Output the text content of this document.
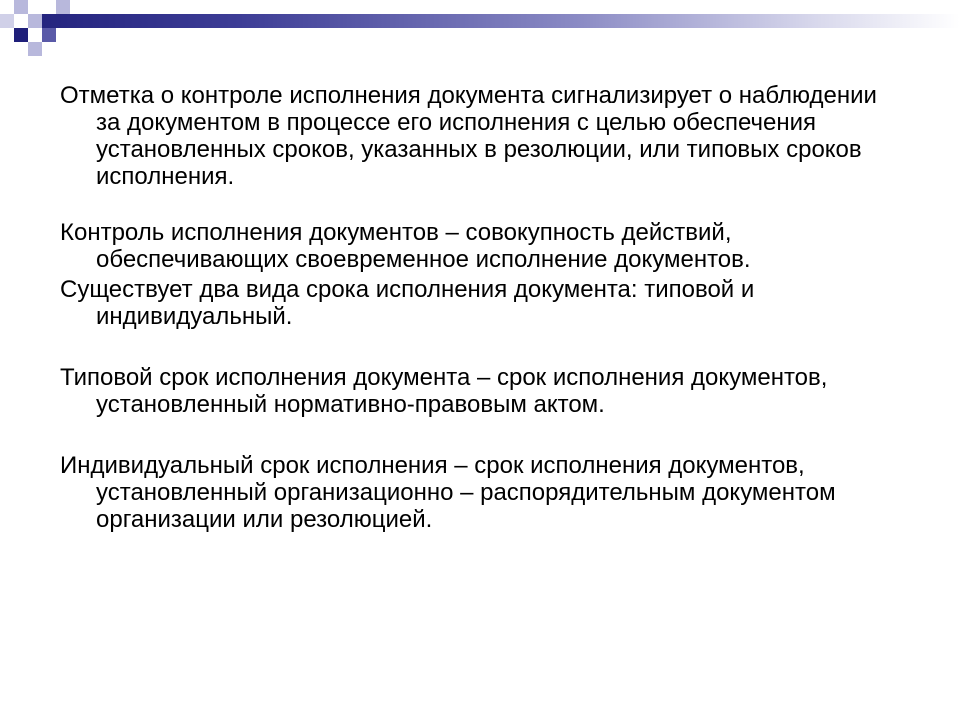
Отметка о контроле исполнения документа сигнализирует о наблюдении за документом в процессе его исполнения с целью обеспечения установленных сроков, указанных в резолюции, или типовых сроков исполнения.

Контроль исполнения документов – совокупность действий, обеспечивающих своевременное исполнение документов.

Существует два вида срока исполнения документа: типовой и индивидуальный.

Типовой срок исполнения документа – срок исполнения документов, установленный нормативно-правовым актом.

Индивидуальный срок исполнения – срок исполнения документов, установленный организационно – распорядительным документом организации или резолюцией.
